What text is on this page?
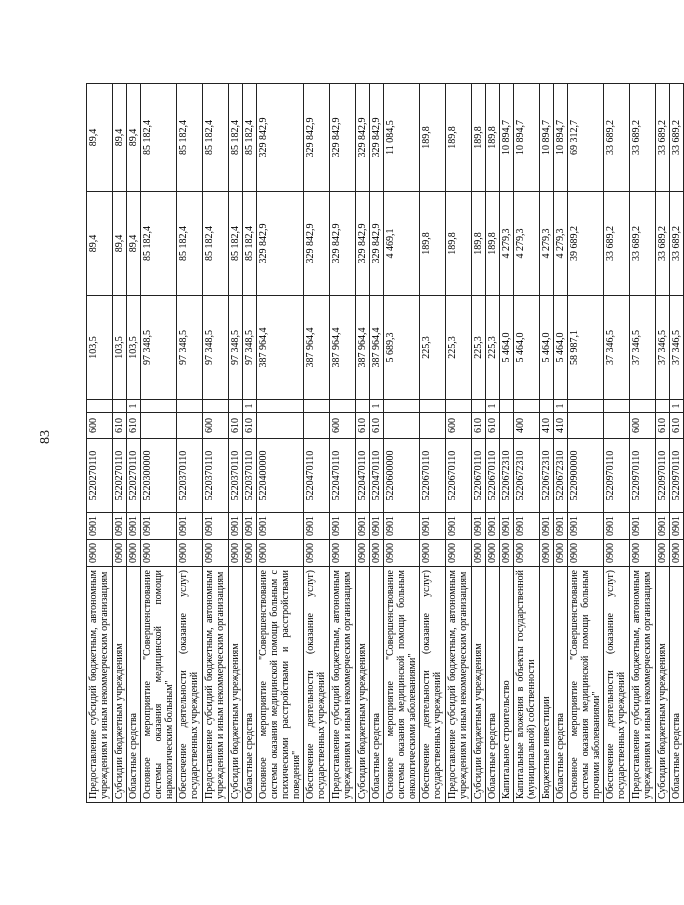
83
Предоставление субсидий бюджетным, автономным учреждениям и иным некоммерческим организациям	0900	0901	5220270110	600		103,5	89,4	89,4
Субсидии бюджетным учреждениям	0900	0901	5220270110	610		103,5	89,4	89,4
Областные средства	0900	0901	5220270110	610	1	103,5	89,4	89,4
Основное мероприятие "Совершенствование системы оказания медицинской помощи наркологическим больным"	0900	0901	5220300000			97 348,5	85 182,4	85 182,4
Обеспечение деятельности (оказание услуг) государственных учреждений	0900	0901	5220370110			97 348,5	85 182,4	85 182,4
Предоставление субсидий бюджетным, автономным учреждениям и иным некоммерческим организациям	0900	0901	5220370110	600		97 348,5	85 182,4	85 182,4
Субсидии бюджетным учреждениям	0900	0901	5220370110	610		97 348,5	85 182,4	85 182,4
Областные средства	0900	0901	5220370110	610	1	97 348,5	85 182,4	85 182,4
Основное мероприятие "Совершенствование системы оказания медицинской помощи больным с психическими расстройствами и расстройствами поведения"	0900	0901	5220400000			387 964,4	329 842,9	329 842,9
Обеспечение деятельности (оказание услуг) государственных учреждений	0900	0901	5220470110			387 964,4	329 842,9	329 842,9
Предоставление субсидий бюджетным, автономным учреждениям и иным некоммерческим организациям	0900	0901	5220470110	600		387 964,4	329 842,9	329 842,9
Субсидии бюджетным учреждениям	0900	0901	5220470110	610		387 964,4	329 842,9	329 842,9
Областные средства	0900	0901	5220470110	610	1	387 964,4	329 842,9	329 842,9
Основное мероприятие "Совершенствование системы оказания медицинской помощи больным онкологическими заболеваниями"	0900	0901	5220600000			5 689,3	4 469,1	11 084,5
Обеспечение деятельности (оказание услуг) государственных учреждений	0900	0901	5220670110			225,3	189,8	189,8
Предоставление субсидий бюджетным, автономным учреждениям и иным некоммерческим организациям	0900	0901	5220670110	600		225,3	189,8	189,8
Субсидии бюджетным учреждениям	0900	0901	5220670110	610		225,3	189,8	189,8
Областные средства	0900	0901	5220670110	610	1	225,3	189,8	189,8
Капитальное строительство	0900	0901	5220672310			5 464,0	4 279,3	10 894,7
Капитальные вложения в объекты государственной (муниципальной) собственности	0900	0901	5220672310	400		5 464,0	4 279,3	10 894,7
Бюджетные инвестиции	0900	0901	5220672310	410		5 464,0	4 279,3	10 894,7
Областные средства	0900	0901	5220672310	410	1	5 464,0	4 279,3	10 894,7
Основное мероприятие "Совершенствование системы оказания медицинской помощи больным прочими заболеваниями"	0900	0901	5220900000			58 987,1	39 689,2	69 312,7
Обеспечение деятельности (оказание услуг) государственных учреждений	0900	0901	5220970110			37 346,5	33 689,2	33 689,2
Предоставление субсидий бюджетным, автономным учреждениям и иным некоммерческим организациям	0900	0901	5220970110	600		37 346,5	33 689,2	33 689,2
Субсидии бюджетным учреждениям	0900	0901	5220970110	610		37 346,5	33 689,2	33 689,2
Областные средства	0900	0901	5220970110	610	1	37 346,5	33 689,2	33 689,2
